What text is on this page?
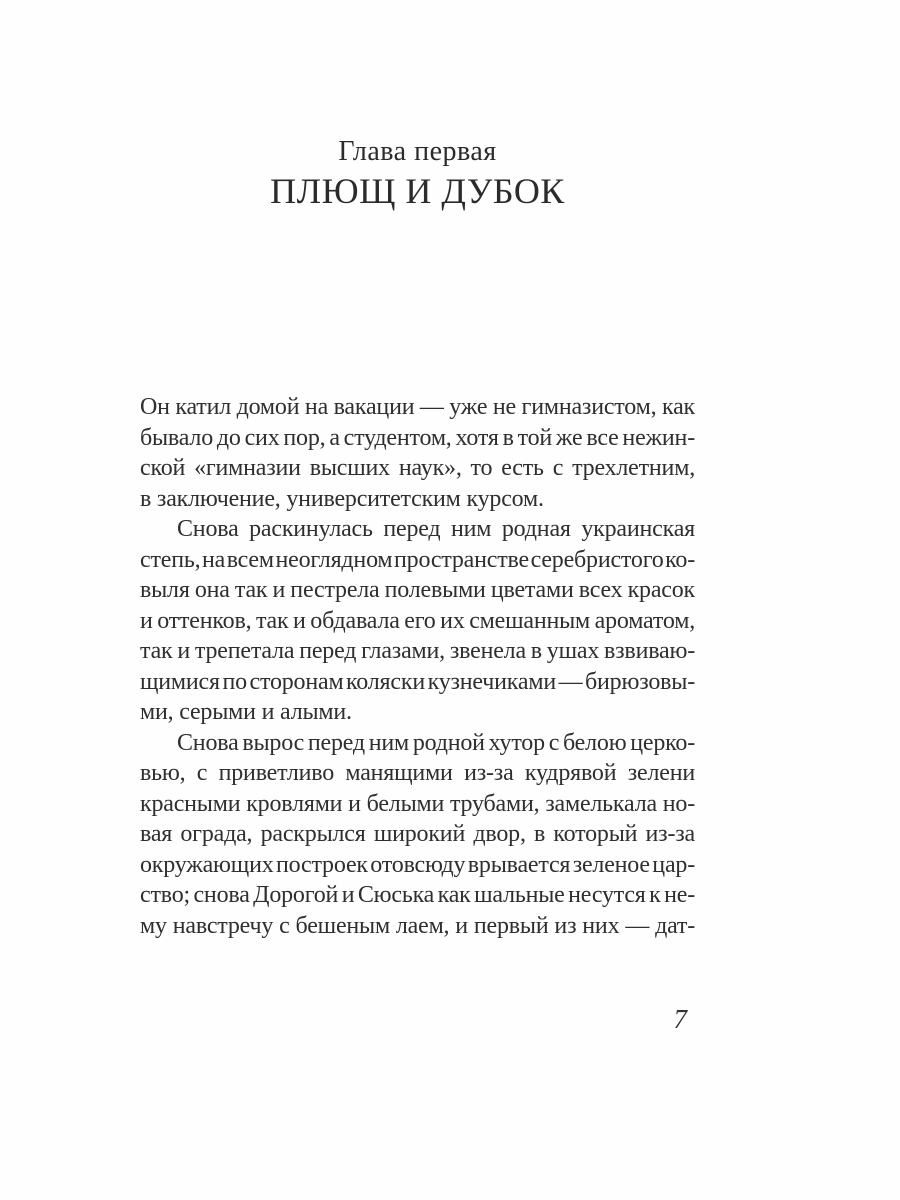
Глава первая
ПЛЮЩ И ДУБОК
Он катил домой на вакации — уже не гимназистом, как
бывало до сих пор, а студентом, хотя в той же все нежин-
ской «гимназии высших наук», то есть с трехлетним,
в заключение, университетским курсом.
Снова раскинулась перед ним родная украинская
степь, на всем неоглядном пространстве серебристого ко-
выля она так и пестрела полевыми цветами всех красок
и оттенков, так и обдавала его их смешанным ароматом,
так и трепетала перед глазами, звенела в ушах взвиваю-
щимися по сторонам коляски кузнечиками — бирюзовы-
ми, серыми и алыми.
Снова вырос перед ним родной хутор с белою церко-
вью, с приветливо манящими из-за кудрявой зелени
красными кровлями и белыми трубами, замелькала но-
вая ограда, раскрылся широкий двор, в который из-за
окружающих построек отовсюду врывается зеленое цар-
ство; снова Дорогой и Сюська как шальные несутся к не-
му навстречу с бешеным лаем, и первый из них — дат-
7
